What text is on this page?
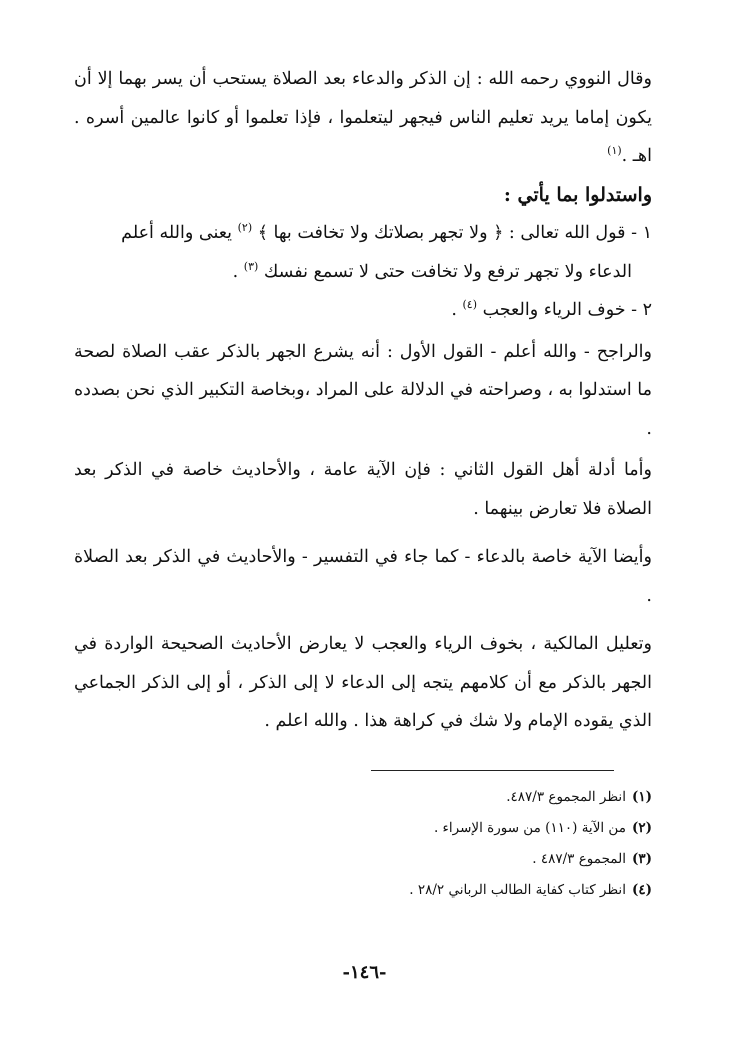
وقال النووي رحمه الله : إن الذكر والدعاء بعد الصلاة يستحب أن يسر بهما إلا أن يكون إماما يريد تعليم الناس فيجهر ليتعلموا ، فإذا تعلموا أو كانوا عالمين أسره . اهـ .$^{(١)}$

واستدلوا بما يأتي :

١ - قول الله تعالى : ﴿ ولا تجهر بصلاتك ولا تخافت بها ﴾ $^{(٢)}$ يعنى والله أعلم

الدعاء ولا تجهر ترفع ولا تخافت حتى لا تسمع نفسك $^{(٣)}$ .

٢ - خوف الرياء والعجب $^{(٤)}$ .

والراجح - والله أعلم - القول الأول : أنه يشرع الجهر بالذكر عقب الصلاة لصحة ما استدلوا به ، وصراحته في الدلالة على المراد ،وبخاصة التكبير الذي نحن بصدده .

وأما أدلة أهل القول الثاني : فإن الآية عامة ، والأحاديث خاصة في الذكر بعد الصلاة فلا تعارض بينهما .

وأيضا الآية خاصة بالدعاء - كما جاء في التفسير - والأحاديث في الذكر بعد الصلاة .

وتعليل المالكية ، بخوف الرياء والعجب لا يعارض الأحاديث الصحيحة الواردة في الجهر بالذكر مع أن كلامهم يتجه إلى الدعاء لا إلى الذكر ، أو إلى الذكر الجماعي الذي يقوده الإمام ولا شك في كراهة هذا . والله اعلم .

(١)انظر المجموع ٤٨٧/٣.

(٢)من الآية (١١٠) من سورة الإسراء .

(٣)المجموع ٤٨٧/٣ .

(٤)انظر كتاب كفاية الطالب الرباني ٢٨/٢ .

-١٤٦-
